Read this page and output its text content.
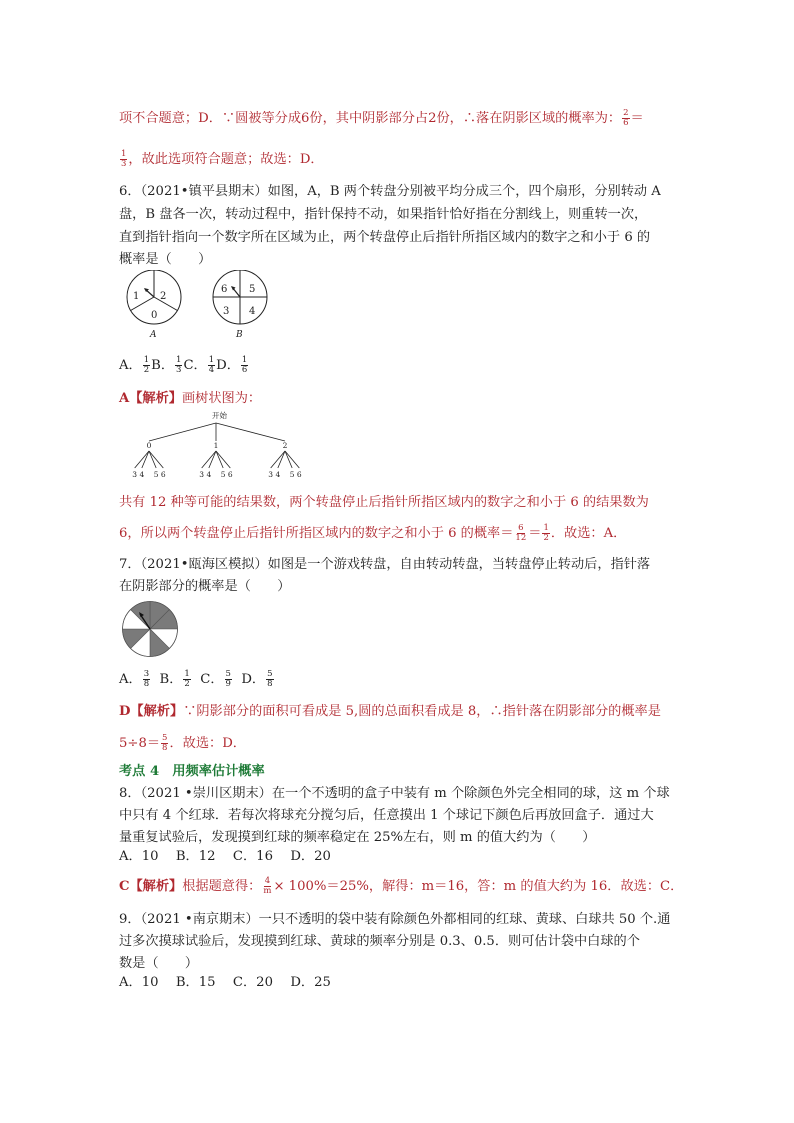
项不合题意；D．∵圆被等分成6份，其中阴影部分占2份，∴落在阴影区域的概率为： $\frac{2}{6}$ ＝
$\frac{1}{3}$ ，故此选项符合题意；故选：D．
6．（2021•镇平县期末）如图，A，B 两个转盘分别被平均分成三个，四个扇形，分别转动 A
盘，B 盘各一次，转动过程中，指针保持不动，如果指针恰好指在分割线上，则重转一次，
直到指针指向一个数字所在区域为止，两个转盘停止后指针所指区域内的数字之和小于 6 的
概率是（　　）
1 2
0
A
6 5
3 4
B
A． $\frac{1}{2}$ B． $\frac{1}{3}$ C． $\frac{1}{4}$ D． $\frac{1}{6}$
A【解析】画树状图为：
开始
0
3 4 5 6
1
3 4 5 6
2
3 4 5 6
共有 12 种等可能的结果数，两个转盘停止后指针所指区域内的数字之和小于 6 的结果数为
6，所以两个转盘停止后指针所指区域内的数字之和小于 6 的概率＝ $\frac{6}{12} = \frac{1}{2}$ ．故选：A．
7．（2021•瓯海区模拟）如图是一个游戏转盘，自由转动转盘，当转盘停止转动后，指针落
在阴影部分的概率是（　　）
A． $\frac{3}{8}$ B． $\frac{1}{2}$ C． $\frac{5}{9}$ D． $\frac{5}{8}$
D【解析】∵阴影部分的面积可看成是 5,圆的总面积看成是 8，∴指针落在阴影部分的概率是
$5\div 8= \frac{5}{8}$ ．故选：D．
考点 4　用频率估计概率
8．（2021 •崇川区期末）在一个不透明的盒子中装有 m 个除颜色外完全相同的球，这 m 个球
中只有 4 个红球．若每次将球充分搅匀后，任意摸出 1 个球记下颜色后再放回盒子．通过大
量重复试验后，发现摸到红球的频率稳定在 25%左右，则 m 的值大约为（　　）
A．10　 B．12　 C．16　 D．20
C【解析】根据题意得： $\frac{4}{m} \times 100\%=25\%$，解得：m＝16，答：m 的值大约为 16．故选：C．
9．（2021 •南京期末）一只不透明的袋中装有除颜色外都相同的红球、黄球、白球共 50 个.通
过多次摸球试验后，发现摸到红球、黄球的频率分别是 0.3、0.5．则可估计袋中白球的个
数是（　　）
A．10　 B．15　 C．20　 D．25
